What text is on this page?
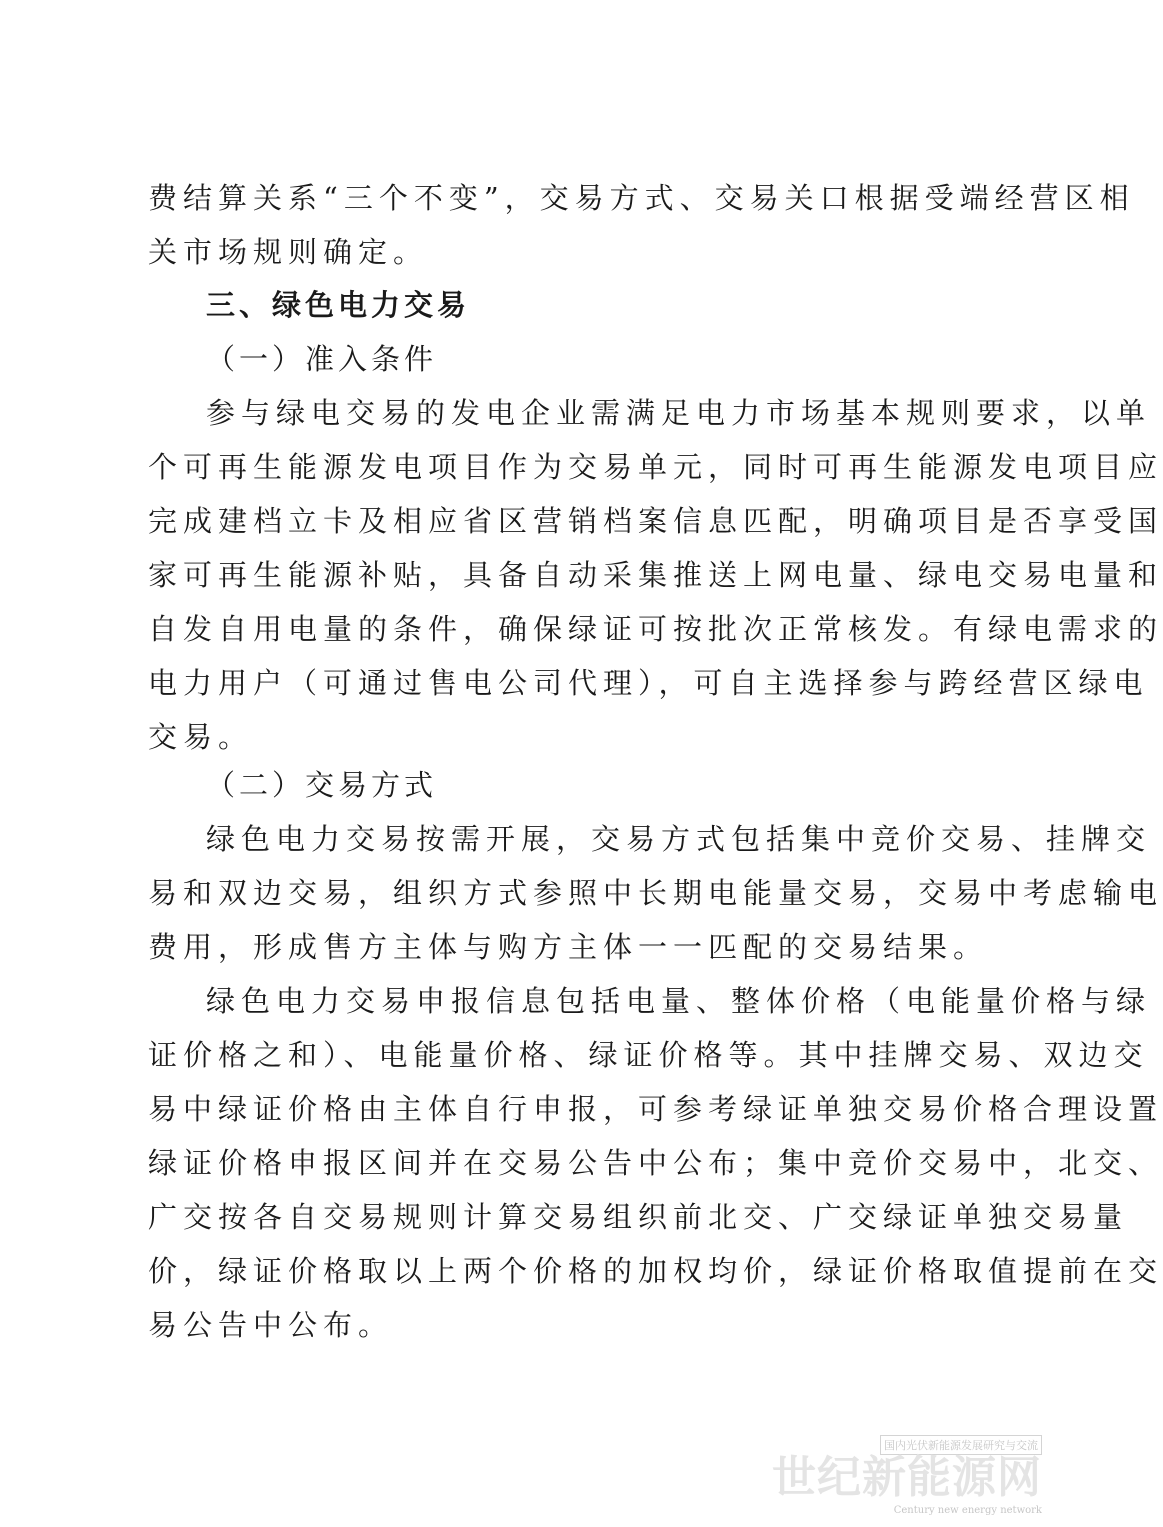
费结算关系“三个不变”，交易方式、交易关口根据受端经营区相
关市场规则确定。
三、绿色电力交易
（一）准入条件
参与绿电交易的发电企业需满足电力市场基本规则要求，以单
个可再生能源发电项目作为交易单元，同时可再生能源发电项目应
完成建档立卡及相应省区营销档案信息匹配，明确项目是否享受国
家可再生能源补贴，具备自动采集推送上网电量、绿电交易电量和
自发自用电量的条件，确保绿证可按批次正常核发。有绿电需求的
电力用户（可通过售电公司代理），可自主选择参与跨经营区绿电
交易。
（二）交易方式
绿色电力交易按需开展，交易方式包括集中竞价交易、挂牌交
易和双边交易，组织方式参照中长期电能量交易，交易中考虑输电
费用，形成售方主体与购方主体一一匹配的交易结果。
绿色电力交易申报信息包括电量、整体价格（电能量价格与绿
证价格之和）、电能量价格、绿证价格等。其中挂牌交易、双边交
易中绿证价格由主体自行申报，可参考绿证单独交易价格合理设置
绿证价格申报区间并在交易公告中公布；集中竞价交易中，北交、
广交按各自交易规则计算交易组织前北交、广交绿证单独交易量
价，绿证价格取以上两个价格的加权均价，绿证价格取值提前在交
易公告中公布。
国内光伏新能源发展研究与交流
世纪新能源网
Century new energy network
